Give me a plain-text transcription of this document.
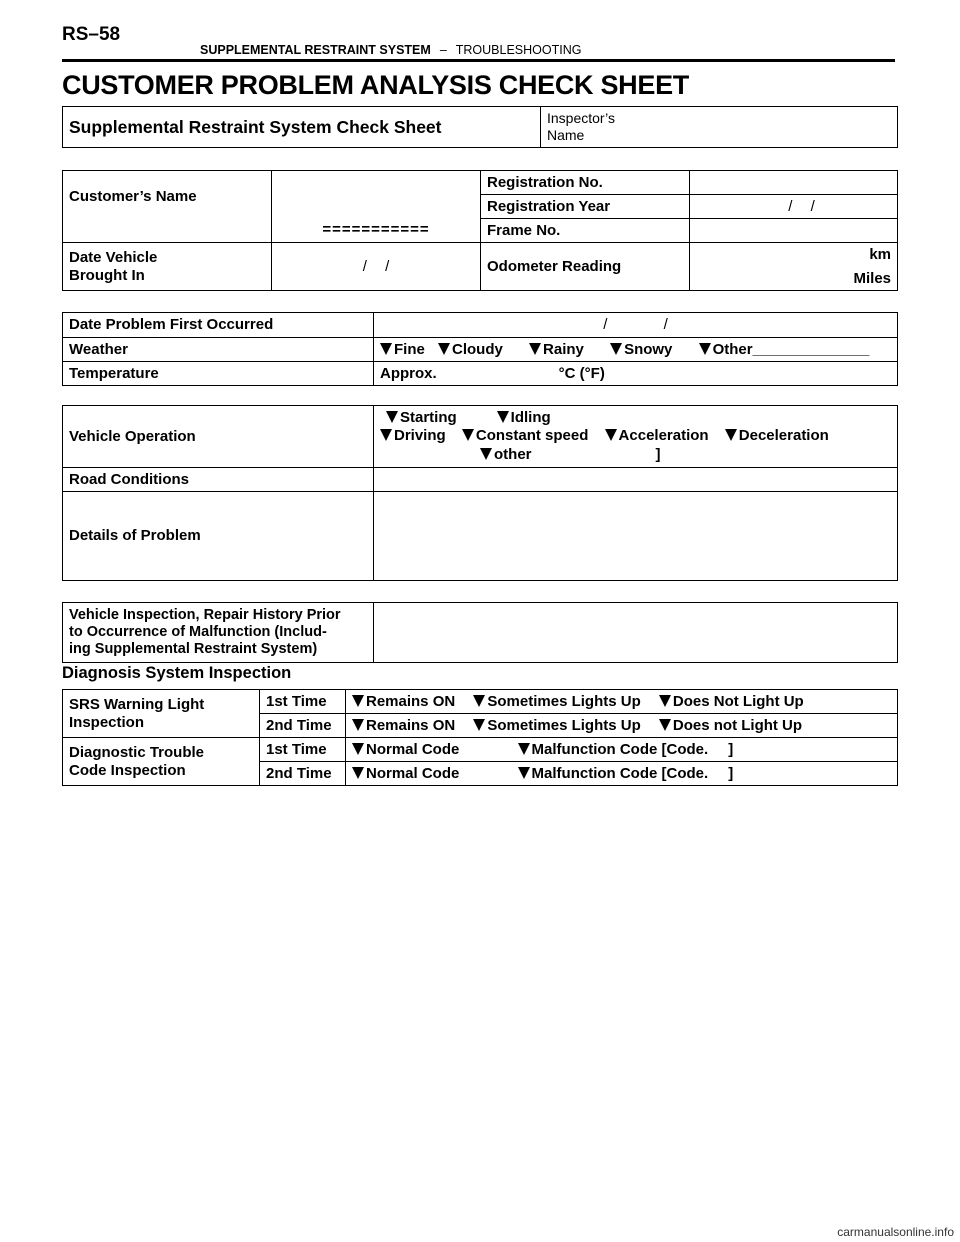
RS–58
SUPPLEMENTAL RESTRAINT SYSTEM – TROUBLESHOOTING
CUSTOMER PROBLEM ANALYSIS CHECK SHEET
Supplemental Restraint System Check Sheet	Inspector’s
Name
Customer’s Name	===========	Registration No.	
		Registration Year	/ /
		Frame No.	
Date Vehicle
Brought In	/ /	Odometer Reading	km
Miles
Date Problem First Occurred	/ /
Weather	Fine Cloudy Rainy Snowy Other______________
Temperature	Approx. °C (°F)
Vehicle Operation	Starting Idling
Driving Constant speed Acceleration Deceleration
other ]
Road Conditions	
Details of Problem	
Vehicle Inspection, Repair History Prior
to Occurrence of Malfunction (Includ-
ing Supplemental Restraint System)	
Diagnosis System Inspection
SRS Warning Light
Inspection	1st Time	Remains ON Sometimes Lights Up Does Not Light Up
	2nd Time	Remains ON Sometimes Lights Up Does not Light Up
Diagnostic Trouble
Code Inspection	1st Time	Normal Code Malfunction Code [Code. ]
	2nd Time	Normal Code Malfunction Code [Code. ]
carmanualsonline.info
